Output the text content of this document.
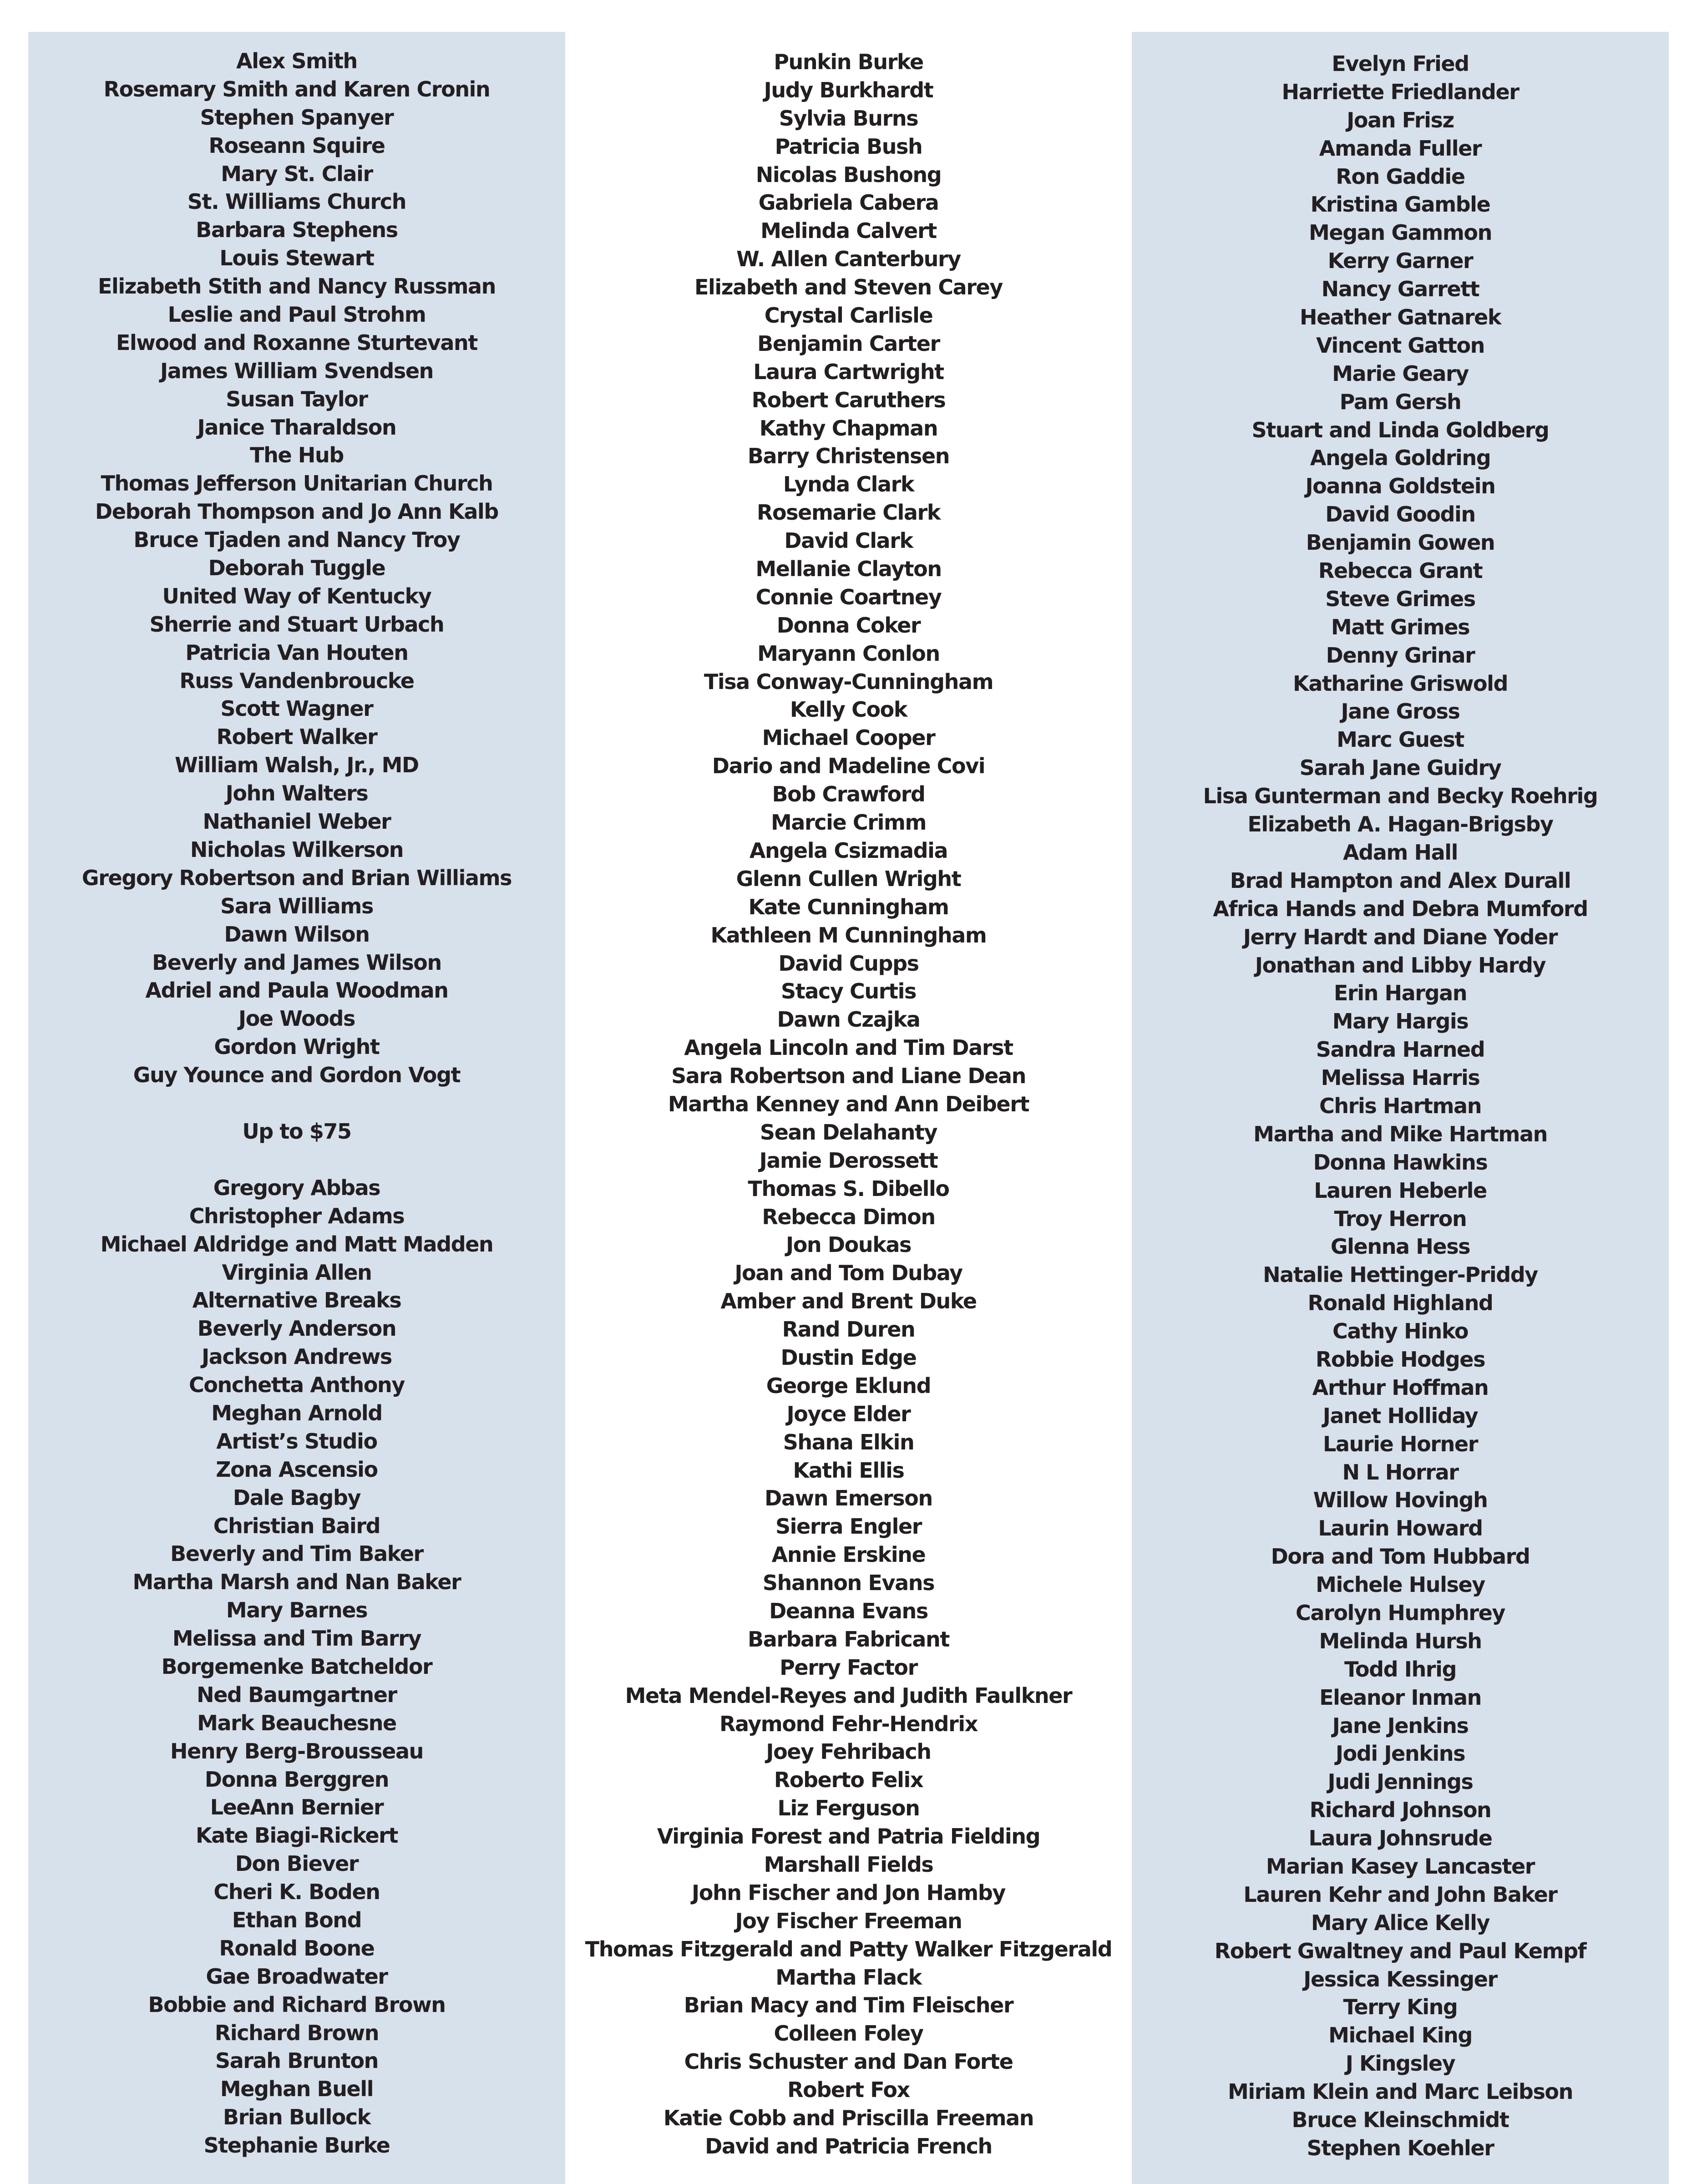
Alex Smith
Rosemary Smith and Karen Cronin
Stephen Spanyer
Roseann Squire
Mary St. Clair
St. Williams Church
Barbara Stephens
Louis Stewart
Elizabeth Stith and Nancy Russman
Leslie and Paul Strohm
Elwood and Roxanne Sturtevant
James William Svendsen
Susan Taylor
Janice Tharaldson
The Hub
Thomas Jefferson Unitarian Church
Deborah Thompson and Jo Ann Kalb
Bruce Tjaden and Nancy Troy
Deborah Tuggle
United Way of Kentucky
Sherrie and Stuart Urbach
Patricia Van Houten
Russ Vandenbroucke
Scott Wagner
Robert Walker
William Walsh, Jr., MD
John Walters
Nathaniel Weber
Nicholas Wilkerson
Gregory Robertson and Brian Williams
Sara Williams
Dawn Wilson
Beverly and James Wilson
Adriel and Paula Woodman
Joe Woods
Gordon Wright
Guy Younce and Gordon Vogt
Up to $75
Gregory Abbas
Christopher Adams
Michael Aldridge and Matt Madden
Virginia Allen
Alternative Breaks
Beverly Anderson
Jackson Andrews
Conchetta Anthony
Meghan Arnold
Artist’s Studio
Zona Ascensio
Dale Bagby
Christian Baird
Beverly and Tim Baker
Martha Marsh and Nan Baker
Mary Barnes
Melissa and Tim Barry
Borgemenke Batcheldor
Ned Baumgartner
Mark Beauchesne
Henry Berg-Brousseau
Donna Berggren
LeeAnn Bernier
Kate Biagi-Rickert
Don Biever
Cheri K. Boden
Ethan Bond
Ronald Boone
Gae Broadwater
Bobbie and Richard Brown
Richard Brown
Sarah Brunton
Meghan Buell
Brian Bullock
Stephanie Burke
Punkin Burke
Judy Burkhardt
Sylvia Burns
Patricia Bush
Nicolas Bushong
Gabriela Cabera
Melinda Calvert
W. Allen Canterbury
Elizabeth and Steven Carey
Crystal Carlisle
Benjamin Carter
Laura Cartwright
Robert Caruthers
Kathy Chapman
Barry Christensen
Lynda Clark
Rosemarie Clark
David Clark
Mellanie Clayton
Connie Coartney
Donna Coker
Maryann Conlon
Tisa Conway-Cunningham
Kelly Cook
Michael Cooper
Dario and Madeline Covi
Bob Crawford
Marcie Crimm
Angela Csizmadia
Glenn Cullen Wright
Kate Cunningham
Kathleen M Cunningham
David Cupps
Stacy Curtis
Dawn Czajka
Angela Lincoln and Tim Darst
Sara Robertson and Liane Dean
Martha Kenney and Ann Deibert
Sean Delahanty
Jamie Derossett
Thomas S. Dibello
Rebecca Dimon
Jon Doukas
Joan and Tom Dubay
Amber and Brent Duke
Rand Duren
Dustin Edge
George Eklund
Joyce Elder
Shana Elkin
Kathi Ellis
Dawn Emerson
Sierra Engler
Annie Erskine
Shannon Evans
Deanna Evans
Barbara Fabricant
Perry Factor
Meta Mendel-Reyes and Judith Faulkner
Raymond Fehr-Hendrix
Joey Fehribach
Roberto Felix
Liz Ferguson
Virginia Forest and Patria Fielding
Marshall Fields
John Fischer and Jon Hamby
Joy Fischer Freeman
Thomas Fitzgerald and Patty Walker Fitzgerald
Martha Flack
Brian Macy and Tim Fleischer
Colleen Foley
Chris Schuster and Dan Forte
Robert Fox
Katie Cobb and Priscilla Freeman
David and Patricia French
Evelyn Fried
Harriette Friedlander
Joan Frisz
Amanda Fuller
Ron Gaddie
Kristina Gamble
Megan Gammon
Kerry Garner
Nancy Garrett
Heather Gatnarek
Vincent Gatton
Marie Geary
Pam Gersh
Stuart and Linda Goldberg
Angela Goldring
Joanna Goldstein
David Goodin
Benjamin Gowen
Rebecca Grant
Steve Grimes
Matt Grimes
Denny Grinar
Katharine Griswold
Jane Gross
Marc Guest
Sarah Jane Guidry
Lisa Gunterman and Becky Roehrig
Elizabeth A. Hagan-Brigsby
Adam Hall
Brad Hampton and Alex Durall
Africa Hands and Debra Mumford
Jerry Hardt and Diane Yoder
Jonathan and Libby Hardy
Erin Hargan
Mary Hargis
Sandra Harned
Melissa Harris
Chris Hartman
Martha and Mike Hartman
Donna Hawkins
Lauren Heberle
Troy Herron
Glenna Hess
Natalie Hettinger-Priddy
Ronald Highland
Cathy Hinko
Robbie Hodges
Arthur Hoffman
Janet Holliday
Laurie Horner
N L Horrar
Willow Hovingh
Laurin Howard
Dora and Tom Hubbard
Michele Hulsey
Carolyn Humphrey
Melinda Hursh
Todd Ihrig
Eleanor Inman
Jane Jenkins
Jodi Jenkins
Judi Jennings
Richard Johnson
Laura Johnsrude
Marian Kasey Lancaster
Lauren Kehr and John Baker
Mary Alice Kelly
Robert Gwaltney and Paul Kempf
Jessica Kessinger
Terry King
Michael King
J Kingsley
Miriam Klein and Marc Leibson
Bruce Kleinschmidt
Stephen Koehler
